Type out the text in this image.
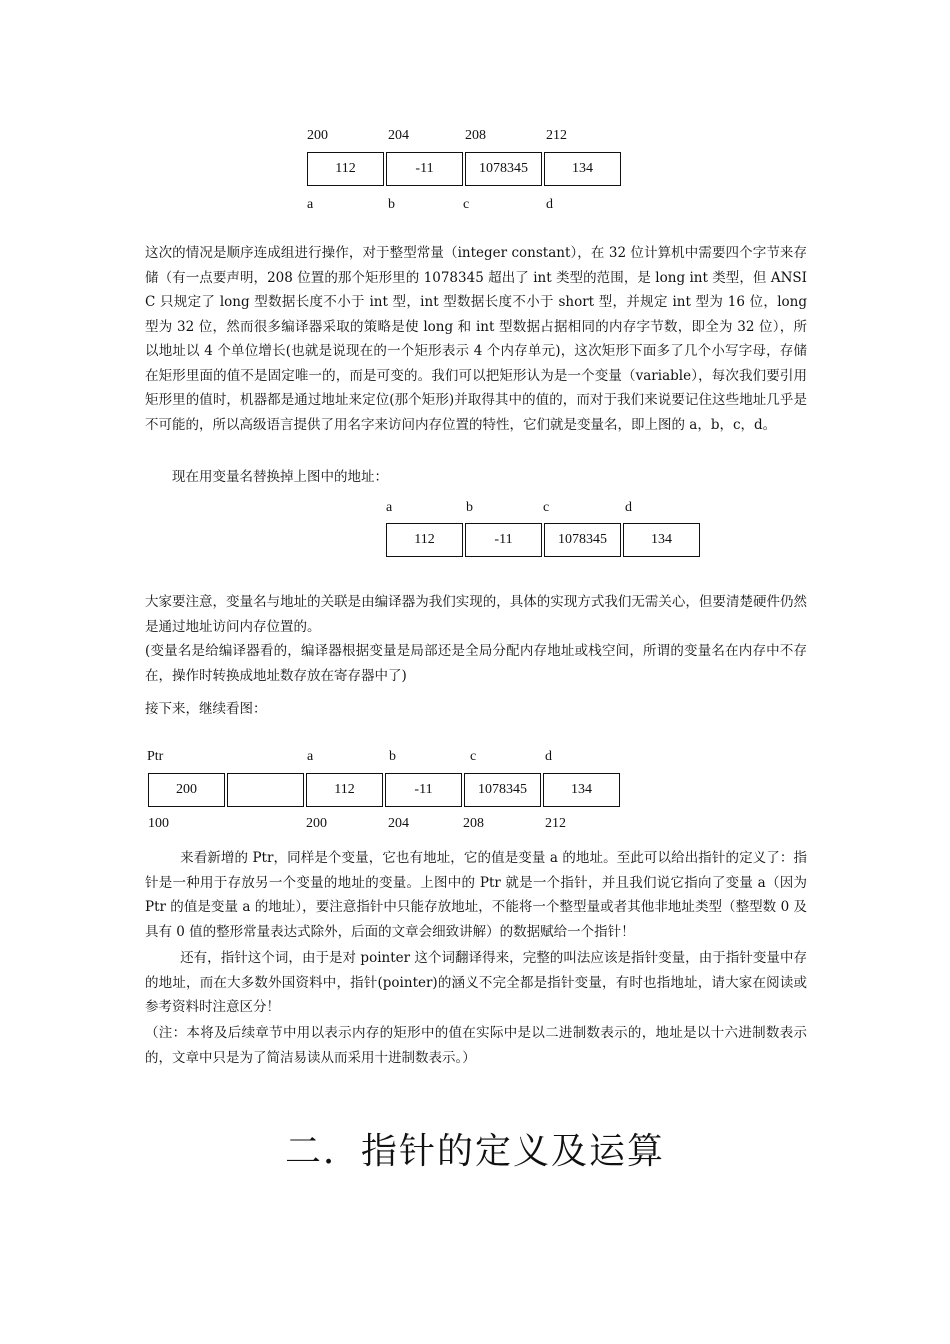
200	204	208	212
112	-11	1078345	134
a	b	c	d

这次的情况是顺序连成组进行操作，对于整型常量（integer constant），在 32 位计算机中需要四个字节来存储（有一点要声明，208 位置的那个矩形里的 1078345 超出了 int 类型的范围，是 long int 类型，但 ANSI C 只规定了 long 型数据长度不小于 int 型，int 型数据长度不小于 short 型，并规定 int 型为 16 位，long 型为 32 位，然而很多编译器采取的策略是使 long 和 int 型数据占据相同的内存字节数，即全为 32 位），所以地址以 4 个单位增长(也就是说现在的一个矩形表示 4 个内存单元)，这次矩形下面多了几个小写字母，存储在矩形里面的值不是固定唯一的，而是可变的。我们可以把矩形认为是一个变量（variable），每次我们要引用矩形里的值时，机器都是通过地址来定位(那个矩形)并取得其中的值的，而对于我们来说要记住这些地址几乎是不可能的，所以高级语言提供了用名字来访问内存位置的特性，它们就是变量名，即上图的 a，b，c，d。

现在用变量名替换掉上图中的地址：

a	b	c	d
112	-11	1078345	134

大家要注意，变量名与地址的关联是由编译器为我们实现的，具体的实现方式我们无需关心，但要清楚硬件仍然是通过地址访问内存位置的。

(变量名是给编译器看的，编译器根据变量是局部还是全局分配内存地址或栈空间，所谓的变量名在内存中不存在，操作时转换成地址数存放在寄存器中了)

接下来，继续看图：

Ptr	a	b	c	d
200	112	-11	1078345	134
100	200	204	208	212

来看新增的 Ptr，同样是个变量，它也有地址，它的值是变量 a 的地址。至此可以给出指针的定义了：指针是一种用于存放另一个变量的地址的变量。上图中的 Ptr 就是一个指针，并且我们说它指向了变量 a（因为 Ptr 的值是变量 a 的地址），要注意指针中只能存放地址，不能将一个整型量或者其他非地址类型（整型数 0 及具有 0 值的整形常量表达式除外，后面的文章会细致讲解）的数据赋给一个指针！

还有，指针这个词，由于是对 pointer 这个词翻译得来，完整的叫法应该是指针变量，由于指针变量中存的地址，而在大多数外国资料中，指针(pointer)的涵义不完全都是指针变量，有时也指地址，请大家在阅读或参考资料时注意区分！

（注：本将及后续章节中用以表示内存的矩形中的值在实际中是以二进制数表示的，地址是以十六进制数表示的，文章中只是为了简洁易读从而采用十进制数表示。）

二．指针的定义及运算
